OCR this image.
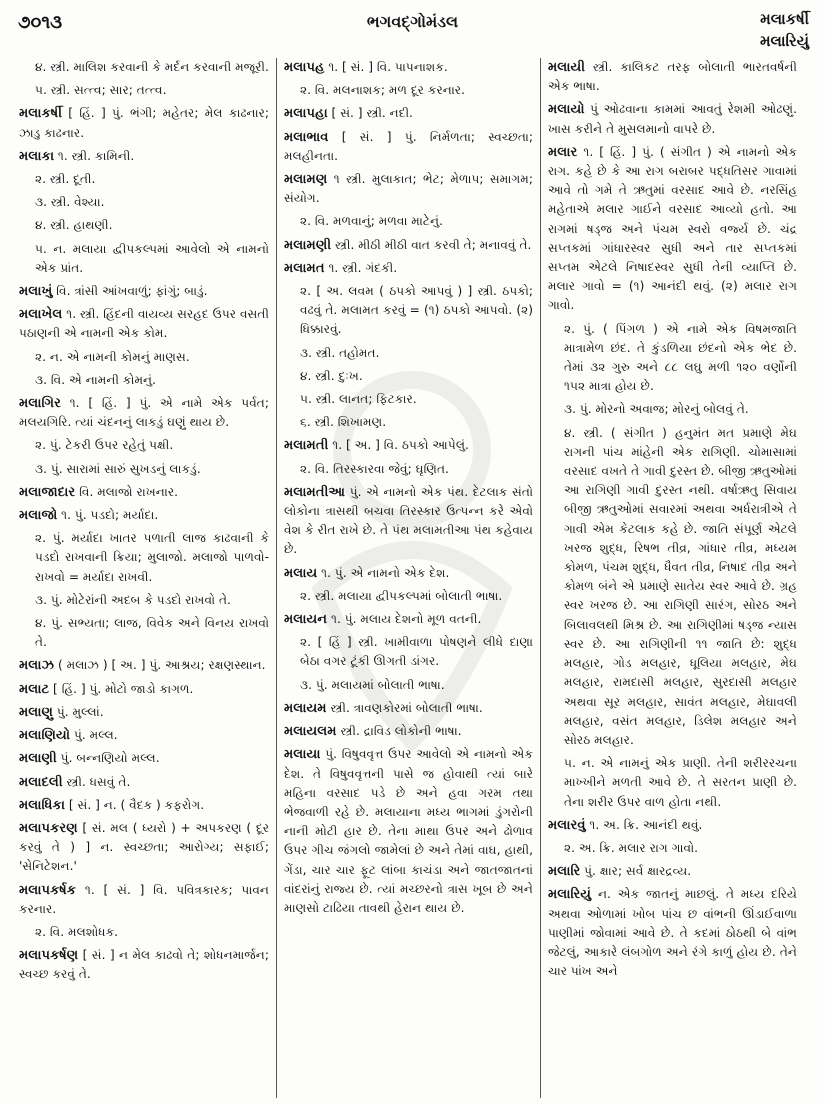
૭૦૧૩	ભગવદ્ગોમંડલ	મલાકર્ષી
મલારિયું

૪. સ્ત્રી. માલિશ કરવાની કે મર્દન કરવાની મજૂરી.

૫. સ્ત્રી. સત્ત્વ; સાર; તત્ત્વ.

મલાકર્ષી [ હિં. ] પું. ભંગી; મહેતર; મેલ કાઢનાર; ઝાડુ કાઢનાર.

મલાકા ૧. સ્ત્રી. કામિની.

૨. સ્ત્રી. દૂતી.

૩. સ્ત્રી. વેશ્યા.

૪. સ્ત્રી. હાથણી.

૫. ન. મલાયા દ્વીપકલ્પમાં આવેલો એ નામનો એક પ્રાંત.

મલાખું વિ. ત્રાંસી આંખવાળું; ફાંગું; બાડું.

મલાખેલ ૧. સ્ત્રી. હિંદની વાયવ્ય સરહદ ઉપર વસતી પઠાણની એ નામની એક કોમ.

૨. ન. એ નામની કોમનું માણસ.

૩. વિ. એ નામની કોમનું.

મલાગિર ૧. [ હિં. ] પું. એ નામે એક પર્વત; મલયગિરિ. ત્યાં ચંદનનું લાકડું ઘણું થાય છે.

૨. પું. ટેકરી ઉપર રહેતું પક્ષી.

૩. પું. સારામાં સારું સુખડનું લાકડું.

મલાજાદાર વિ. મલાજો રાખનાર.

મલાજો ૧. પું. પડદો; મર્યાદા.

૨. પું. મર્યાદા ખાતર પળાતી લાજ કાઢવાની કે પડદો રાખવાની ક્રિયા; મુલાજો. મલાજો પાળવો-રાખવો = મર્યાદા રાખવી.

૩. પું. મોટેરાંની અદબ કે પડદો રાખવો તે.

૪. પું. સભ્યતા; લાજ, વિવેક અને વિનય રાખવો તે.

મલાઝ ( મલાઝ ) [ અ. ] પું. આશ્રય; રક્ષણસ્થાન.

મલાટ [ હિં. ] પું. મોટો જાડો કાગળ.

મલાણુ પું. મુલ્લાં.

મલાણિયો પું. મલ્લ.

મલાણી પું. બન્નણિયો મલ્લ.

મલાદલી સ્ત્રી. ધસવું તે.

મલાધિકા [ સં. ] ન. ( વૈદક ) કફરોગ.

મલાપકરણ [ સં. મલ ( ધ્યરો ) + અપકરણ ( દૂર કરવું તે ) ] ન. સ્વચ્છતા; આરોગ્ય; સફાઈ; 'સેનિટેશન.'

મલાપકર્ષક ૧. [ સં. ] વિ. પવિત્રકારક; પાવન કરનાર.

૨. વિ. મલશોધક.

મલાપકર્ષણ [ સં. ] ન મેલ કાઢવો તે; શોધનમાર્જન; સ્વચ્છ કરવું તે.

મલાપહ ૧. [ સં. ] વિ. પાપનાશક.

૨. વિ. મલનાશક; મળ દૂર કરનાર.

મલાપહા [ સં. ] સ્ત્રી. નદી.

મલાભાવ [ સં. ] પું. નિર્મળતા; સ્વચ્છતા; મલહીનતા.

મલામણ ૧ સ્ત્રી. મુલાકાત; ભેટ; મેળાપ; સમાગમ; સંયોગ.

૨. વિ. મળવાનું; મળવા માટેનું.

મલામણી સ્ત્રી. મીઠી મીઠી વાત કરવી તે; મનાવવું તે.

મલામત ૧. સ્ત્રી. ગંદકી.

૨. [ અ. લવમ ( ઠપકો આપવું ) ] સ્ત્રી. ઠપકો; વઢવું તે. મલામત કરવું = (૧) ઠપકો આપવો. (૨) ધિક્કારવું.

૩. સ્ત્રી. તહોમત.

૪. સ્ત્રી. દુઃખ.

૫. સ્ત્રી. લાનત; ફિટકાર.

૬. સ્ત્રી. શિખામણ.

મલામતી ૧. [ અ. ] વિ. ઠપકો આપેલું.

૨. વિ. તિરસ્કારવા જેવું; ઘૃણિત.

મલામતીઆ પું. એ નામનો એક પંથ. દેટલાક સંતો લોકોના ત્રાસથી બચવા તિરસ્કાર ઉત્પન્ન કરે એવો વેશ કે રીત રાખે છે. તે પંથ મલામતીઆ પંથ કહેવાય છે.

મલાય ૧. પું. એ નામનો એક દેશ.

૨. સ્ત્રી. મલાયા દ્વીપકલ્પમાં બોલાતી ભાષા.

મલાયન ૧. પું. મલાય દેશનો મૂળ વતની.

૨. [ હિં ] સ્ત્રી. ખામીવાળા પોષણને લીધે દાણા બેઠા વગર ટૂંકી ઊગતી ડાંગર.

૩. પું. મલાયમાં બોલાતી ભાષા.

મલાયમ સ્ત્રી. ત્રાવણકોરમાં બોલાતી ભાષા.

મલાયલમ સ્ત્રી. દ્રાવિડ લોકોની ભાષા.

મલાયા પું. વિષુવવૃત્ત ઉપર આવેલો એ નામનો એક દેશ. તે વિષુવવૃત્તની પાસે જ હોવાથી ત્યાં બારે મહિના વરસાદ પડે છે અને હવા ગરમ તથા ભેજવાળી રહે છે. મલાયાના મધ્ય ભાગમાં ડુંગરોની નાની મોટી હાર છે. તેના માથા ઉપર અને ઢોળાવ ઉપર ગીચ જંગલો જામેલાં છે અને તેમાં વાઘ, હાથી, ગેંડા, ચાર ચાર ફૂટ લાંબા કાચંડા અને જાતજાતનાં વાંદરાંનું રાજ્ય છે. ત્યાં મચ્છરનો ત્રાસ ખૂબ છે અને માણસો ટાઢિયા તાવથી હેરાન થાય છે.

મલાયી સ્ત્રી. કાલિકટ તરફ બોલાતી ભારતવર્ષની એક ભાષા.

મલાયો પું ઓઢવાના કામમાં આવતું રેશમી ઓઢણું. ખાસ કરીને તે મુસલમાનો વાપરે છે.

મલાર ૧. [ હિં. ] પું. ( સંગીત ) એ નામનો એક રાગ. કહે છે કે આ રાગ બરાબર પદ્ધતિસર ગાવામાં આવે તો ગમે તે ઋતુમાં વરસાદ આવે છે. નરસિંહ મહેતાએ મલાર ગાઈને વરસાદ આવ્યો હતો. આ રાગમાં ષડ્જ અને પંચમ સ્વરો વર્જ્ય છે. ચંદ્ર સપ્તકમાં ગાંધારસ્વર સુધી અને તાર સપ્તકમાં સપ્તમ એટલે નિષાદસ્વર સુધી તેની વ્યાપ્તિ છે. મલાર ગાવો = (૧) આનંદી થવું. (૨) મલાર રાગ ગાવો.

૨. પું. ( પિંગળ ) એ નામે એક વિષમજાતિ માત્રામેળ છંદ. તે કુંડળિયા છંદનો એક ભેદ છે. તેમાં ૩૨ ગુરુ અને ૮૮ લઘુ મળી ૧૨૦ વર્ણોની ૧૫૨ માત્રા હોય છે.

૩. પું. મોરનો અવાજ; મોરનું બોલવું તે.

૪. સ્ત્રી. ( સંગીત ) હનુમંત મત પ્રમાણે મેઘ રાગની પાંચ માંહેની એક રાગિણી. ચોમાસામાં વરસાદ વખતે તે ગાવી દુરસ્ત છે. બીજી ઋતુઓમાં આ રાગિણી ગાવી દુરસ્ત નથી. વર્ષાઋતુ સિવાય બીજી ઋતુઓમાં સવારમાં અથવા અર્ધરાત્રીએ તે ગાવી એમ કેટલાક કહે છે. જાતિ સંપૂર્ણ એટલે ખરજ શુદ્ધ, રિષભ તીવ્ર, ગાંધાર તીવ્ર, મધ્યમ કોમળ, પંચમ શુદ્ધ, ધૈવત તીવ્ર, નિષાદ તીવ્ર અને કોમળ બંને એ પ્રમાણે સાતેય સ્વર આવે છે. ગ્રહ સ્વર ખરજ છે. આ રાગિણી સારંગ, સોરઠ અને બિલાવલથી મિશ્ર છે. આ રાગિણીમાં ષડ્જ ન્યાસ સ્વર છે. આ રાગિણીની ૧૧ જાતિ છે: શુદ્ધ મલહાર, ગોડ મલહાર, ધૂલિયા મલહાર, મેઘ મલહાર, રામદાસી મલહાર, સુરદાસી મલહાર અથવા સૂર મલહાર, સાવંત મલહાર, મેઘાવલી મલહાર, વસંત મલહાર, ડિલેશ મલહાર અને સોરઠ મલહાર.

૫. ન. એ નામનું એક પ્રાણી. તેની શરીરરચના માખ્ખીને મળતી આવે છે. તે સરતન પ્રાણી છે. તેના શરીર ઉપર વાળ હોતા નથી.

મલારવું ૧. અ. ક્રિ. આનંદી થવું.

૨. અ. ક્રિ. મલાર રાગ ગાવો.

મલારિ પું. ક્ષાર; સર્વ ક્ષારદ્રવ્ય.

મલારિયું ન. એક જાતનું માછલું. તે મધ્ય દરિયે અથવા ઓળામાં ખોબ પાંચ છ વાંભની ઊંડાઈવાળા પાણીમાં જોવામાં આવે છે. તે કદમાં ઠોઠથી બે વાંભ જેટલું, આકારે લંબગોળ અને રંગે કાળું હોય છે. તેને ચાર પાંખ અને
